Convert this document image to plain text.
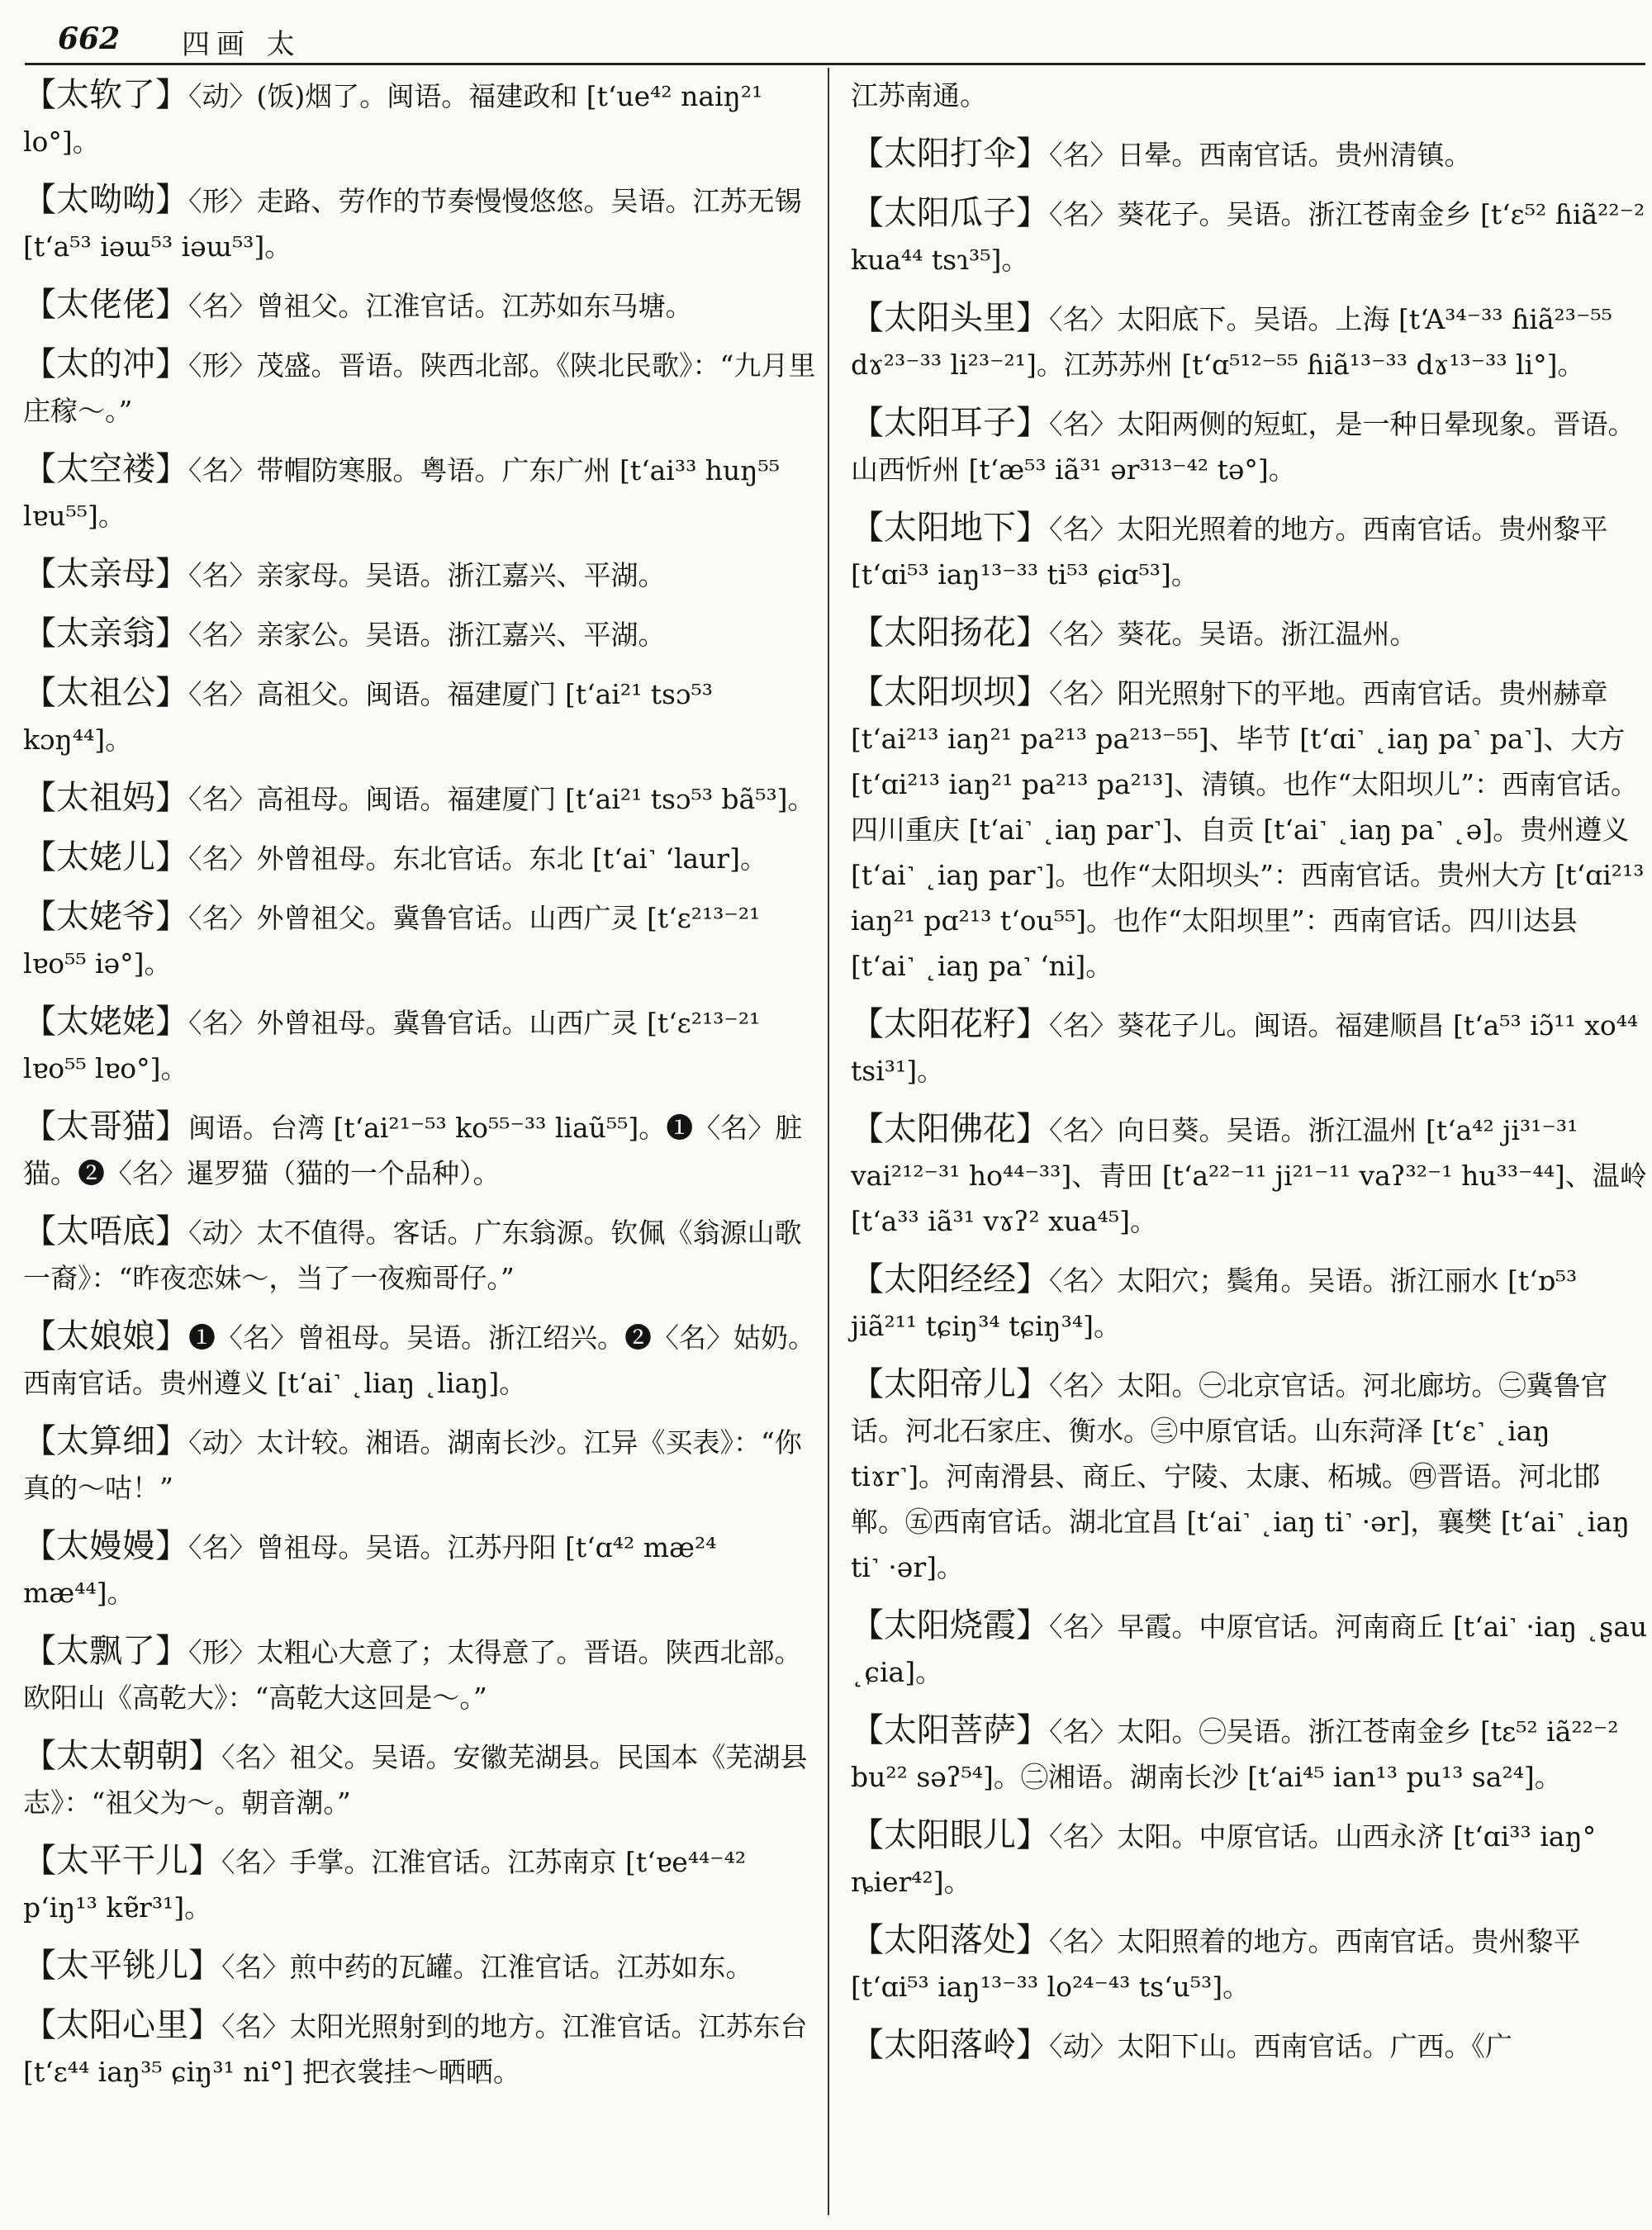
662 四画 太
【太软了】〈动〉(饭)烟了。闽语。福建政和 [tʻue⁴² naiŋ²¹ lo°]。
【太呦呦】〈形〉走路、劳作的节奏慢慢悠悠。吴语。江苏无锡 [tʻa⁵³ iəɯ⁵³ iəɯ⁵³]。
【太佬佬】〈名〉曾祖父。江淮官话。江苏如东马塘。
【太的冲】〈形〉茂盛。晋语。陕西北部。《陕北民歌》：“九月里庄稼～。”
【太空褛】〈名〉带帽防寒服。粤语。广东广州 [tʻai³³ huŋ⁵⁵ lɐu⁵⁵]。
【太亲母】〈名〉亲家母。吴语。浙江嘉兴、平湖。
【太亲翁】〈名〉亲家公。吴语。浙江嘉兴、平湖。
【太祖公】〈名〉高祖父。闽语。福建厦门 [tʻai²¹ tsɔ⁵³ kɔŋ⁴⁴]。
【太祖妈】〈名〉高祖母。闽语。福建厦门 [tʻai²¹ tsɔ⁵³ bã⁵³]。
【太姥儿】〈名〉外曾祖母。东北官话。东北 [tʻai˺ ʻlaur]。
【太姥爷】〈名〉外曾祖父。冀鲁官话。山西广灵 [tʻɛ²¹³⁻²¹ lɐo⁵⁵ iə°]。
【太姥姥】〈名〉外曾祖母。冀鲁官话。山西广灵 [tʻɛ²¹³⁻²¹ lɐo⁵⁵ lɐo°]。
【太哥猫】闽语。台湾 [tʻai²¹⁻⁵³ ko⁵⁵⁻³³ liaũ⁵⁵]。❶〈名〉脏猫。❷〈名〉暹罗猫（猫的一个品种）。
【太唔底】〈动〉太不值得。客话。广东翁源。钦佩《翁源山歌一裔》：“昨夜恋妹～，当了一夜痴哥仔。”
【太娘娘】❶〈名〉曾祖母。吴语。浙江绍兴。❷〈名〉姑奶。西南官话。贵州遵义 [tʻai˺ ˛liaŋ ˛liaŋ]。
【太算细】〈动〉太计较。湘语。湖南长沙。江异《买表》：“你真的～咕！”
【太嫚嫚】〈名〉曾祖母。吴语。江苏丹阳 [tʻɑ⁴² mæ²⁴ mæ⁴⁴]。
【太飘了】〈形〉太粗心大意了；太得意了。晋语。陕西北部。欧阳山《高乾大》：“高乾大这回是～。”
【太太朝朝】〈名〉祖父。吴语。安徽芜湖县。民国本《芜湖县志》：“祖父为～。朝音潮。”
【太平干儿】〈名〉手掌。江淮官话。江苏南京 [tʻɐe⁴⁴⁻⁴² pʻiŋ¹³ kɐ̃r³¹]。
【太平铫儿】〈名〉煎中药的瓦罐。江淮官话。江苏如东。
【太阳心里】〈名〉太阳光照射到的地方。江淮官话。江苏东台 [tʻɛ⁴⁴ iaŋ³⁵ ɕiŋ³¹ ni°] 把衣裳挂～晒晒。
江苏南通。
【太阳打伞】〈名〉日晕。西南官话。贵州清镇。
【太阳瓜子】〈名〉葵花子。吴语。浙江苍南金乡 [tʻɛ⁵² ɦiã²²⁻² kua⁴⁴ tsɿ³⁵]。
【太阳头里】〈名〉太阳底下。吴语。上海 [tʻA³⁴⁻³³ ɦiã²³⁻⁵⁵ dɤ²³⁻³³ li²³⁻²¹]。江苏苏州 [tʻɑ⁵¹²⁻⁵⁵ ɦiã¹³⁻³³ dɤ¹³⁻³³ li°]。
【太阳耳子】〈名〉太阳两侧的短虹，是一种日晕现象。晋语。山西忻州 [tʻæ⁵³ iã³¹ ər³¹³⁻⁴² tə°]。
【太阳地下】〈名〉太阳光照着的地方。西南官话。贵州黎平 [tʻɑi⁵³ iaŋ¹³⁻³³ ti⁵³ ɕiɑ⁵³]。
【太阳扬花】〈名〉葵花。吴语。浙江温州。
【太阳坝坝】〈名〉阳光照射下的平地。西南官话。贵州赫章 [tʻai²¹³ iaŋ²¹ pa²¹³ pa²¹³⁻⁵⁵]、毕节 [tʻɑi˺ ˛iaŋ pa˺ pa˺]、大方 [tʻɑi²¹³ iaŋ²¹ pa²¹³ pa²¹³]、清镇。也作“太阳坝儿”：西南官话。四川重庆 [tʻai˺ ˛iaŋ par˺]、自贡 [tʻai˺ ˛iaŋ pa˺ ˛ə]。贵州遵义 [tʻai˺ ˛iaŋ par˺]。也作“太阳坝头”：西南官话。贵州大方 [tʻɑi²¹³ iaŋ²¹ pɑ²¹³ tʻou⁵⁵]。也作“太阳坝里”：西南官话。四川达县 [tʻai˺ ˛iaŋ pa˺ ʻni]。
【太阳花籽】〈名〉葵花子儿。闽语。福建顺昌 [tʻa⁵³ iɔ̃¹¹ xo⁴⁴ tsi³¹]。
【太阳佛花】〈名〉向日葵。吴语。浙江温州 [tʻa⁴² ji³¹⁻³¹ vai²¹²⁻³¹ ho⁴⁴⁻³³]、青田 [tʻa²²⁻¹¹ ji²¹⁻¹¹ vaʔ³²⁻¹ hu³³⁻⁴⁴]、温岭 [tʻa³³ iã³¹ vɤʔ² xua⁴⁵]。
【太阳经经】〈名〉太阳穴；鬓角。吴语。浙江丽水 [tʻɒ⁵³ jiã²¹¹ tɕiŋ³⁴ tɕiŋ³⁴]。
【太阳帝儿】〈名〉太阳。㊀北京官话。河北廊坊。㊁冀鲁官话。河北石家庄、衡水。㊂中原官话。山东菏泽 [tʻɛ˺ ˛iaŋ tiɤr˺]。河南滑县、商丘、宁陵、太康、柘城。㊃晋语。河北邯郸。㊄西南官话。湖北宜昌 [tʻai˺ ˛iaŋ ti˺ ·ər]，襄樊 [tʻai˺ ˛iaŋ ti˺ ·ər]。
【太阳烧霞】〈名〉早霞。中原官话。河南商丘 [tʻai˺ ·iaŋ ˛ʂau ˛ɕia]。
【太阳菩萨】〈名〉太阳。㊀吴语。浙江苍南金乡 [tɛ⁵² iã²²⁻² bu²² səʔ⁵⁴]。㊁湘语。湖南长沙 [tʻai⁴⁵ ian¹³ pu¹³ sa²⁴]。
【太阳眼儿】〈名〉太阳。中原官话。山西永济 [tʻɑi³³ iaŋ° ȵier⁴²]。
【太阳落处】〈名〉太阳照着的地方。西南官话。贵州黎平 [tʻɑi⁵³ iaŋ¹³⁻³³ lo²⁴⁻⁴³ tsʻu⁵³]。
【太阳落岭】〈动〉太阳下山。西南官话。广西。《广
